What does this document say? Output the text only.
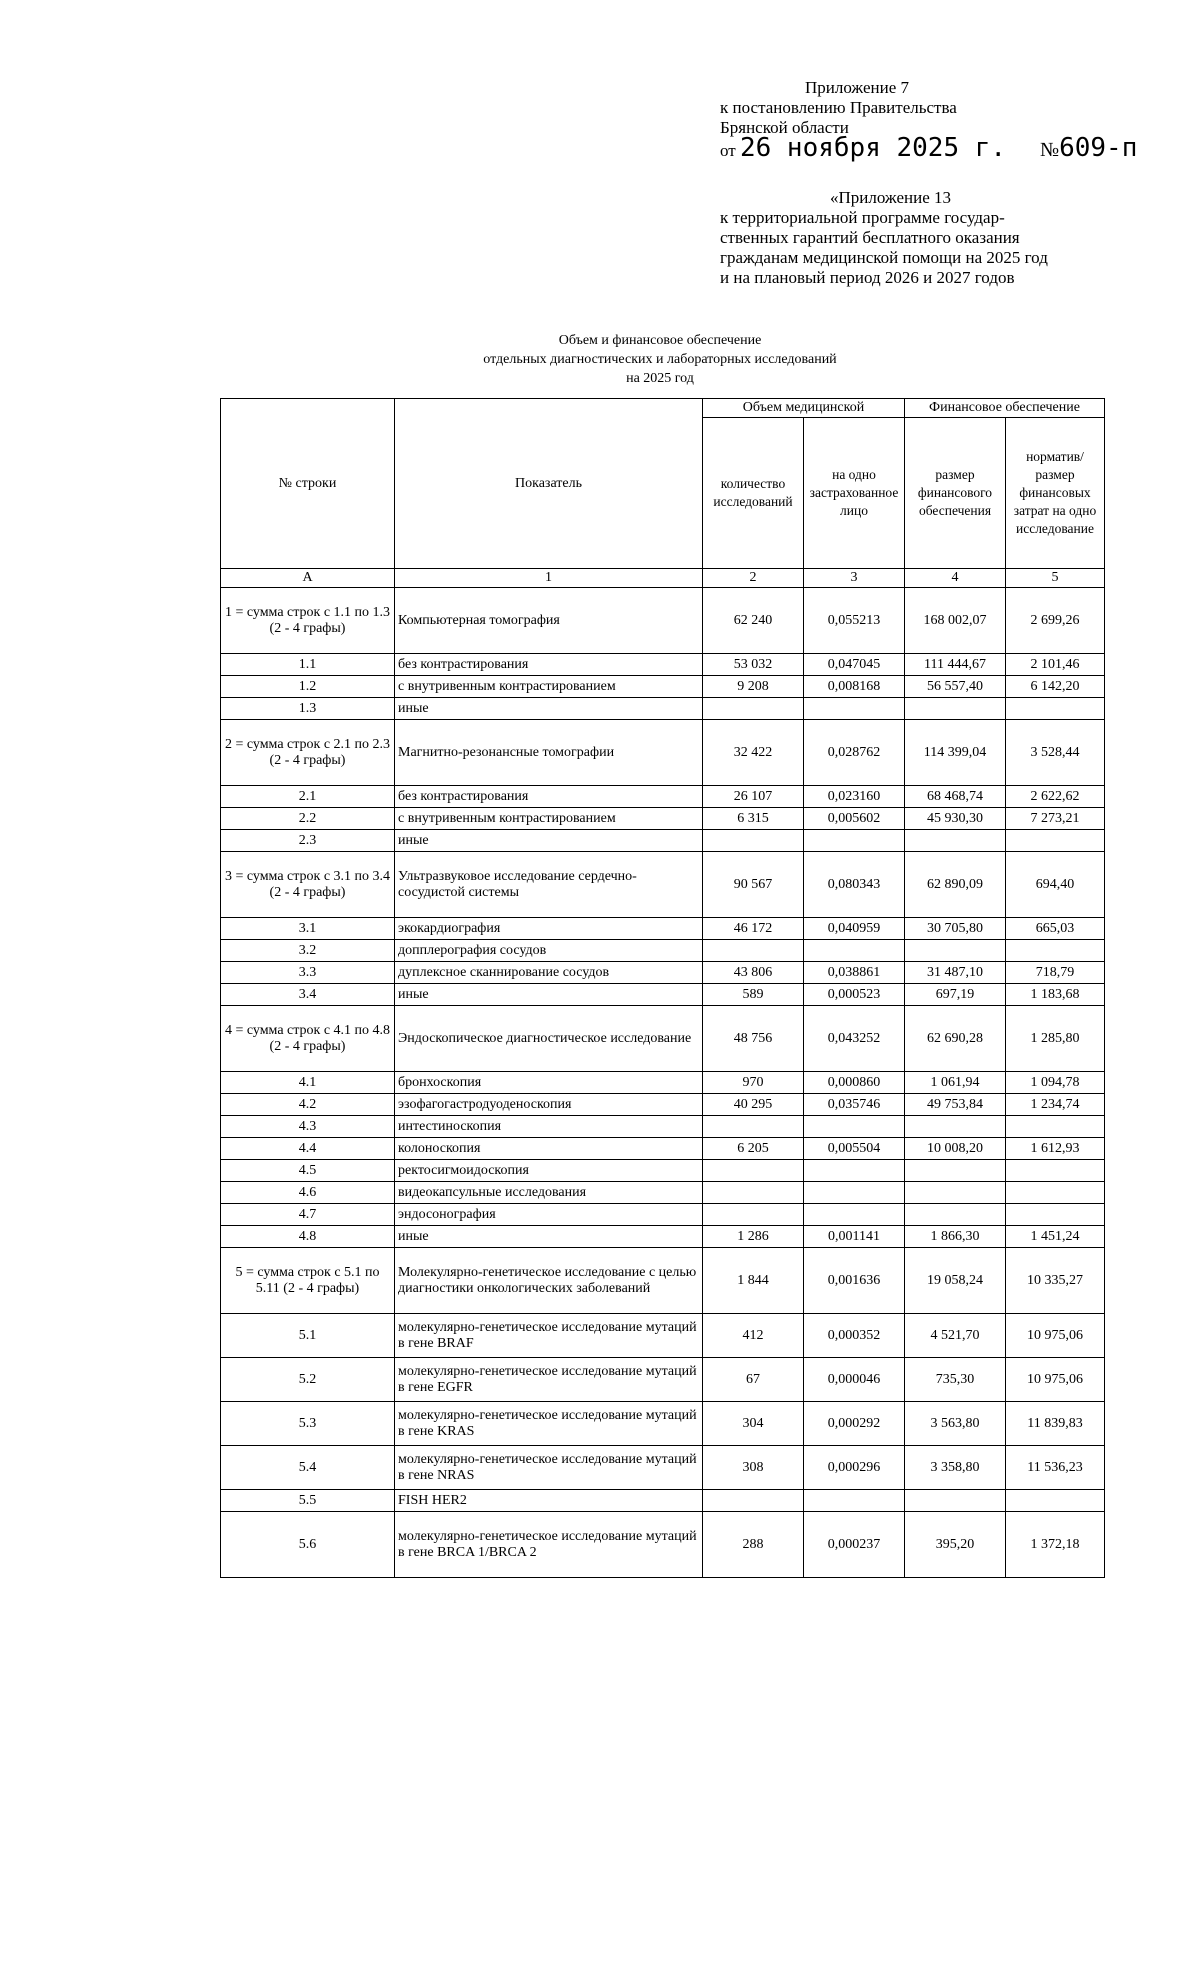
Приложение 7
к постановлению Правительства
Брянской области
от 26 ноября 2025 г. №609-п
«Приложение 13
к территориальной программе государ-
ственных гарантий бесплатного оказания
гражданам медицинской помощи на 2025 год
и на плановый период 2026 и 2027 годов
Объем и финансовое обеспечение
отдельных диагностических и лабораторных исследований
на 2025 год
№ строки	Показатель	Объем медицинской		Финансовое обеспечение	
		количество исследований	на одно застрахованное лицо	размер финансового обеспечения	норматив/размер финансовых затрат на одно исследование
А	1	2	3	4	5
1 = сумма строк с 1.1 по 1.3 (2 - 4 графы)	Компьютерная томография	62 240	0,055213	168 002,07	2 699,26
1.1	без контрастирования	53 032	0,047045	111 444,67	2 101,46
1.2	с внутривенным контрастированием	9 208	0,008168	56 557,40	6 142,20
1.3	иные				
2 = сумма строк с 2.1 по 2.3 (2 - 4 графы)	Магнитно-резонансные томографии	32 422	0,028762	114 399,04	3 528,44
2.1	без контрастирования	26 107	0,023160	68 468,74	2 622,62
2.2	с внутривенным контрастированием	6 315	0,005602	45 930,30	7 273,21
2.3	иные				
3 = сумма строк с 3.1 по 3.4 (2 - 4 графы)	Ультразвуковое исследование сердечно-сосудистой системы	90 567	0,080343	62 890,09	694,40
3.1	экокардиография	46 172	0,040959	30 705,80	665,03
3.2	допплерография сосудов				
3.3	дуплексное сканнирование сосудов	43 806	0,038861	31 487,10	718,79
3.4	иные	589	0,000523	697,19	1 183,68
4 = сумма строк с 4.1 по 4.8 (2 - 4 графы)	Эндоскопическое диагностическое исследование	48 756	0,043252	62 690,28	1 285,80
4.1	бронхоскопия	970	0,000860	1 061,94	1 094,78
4.2	эзофагогастродуоденоскопия	40 295	0,035746	49 753,84	1 234,74
4.3	интестиноскопия				
4.4	колоноскопия	6 205	0,005504	10 008,20	1 612,93
4.5	ректосигмоидоскопия				
4.6	видеокапсульные исследования				
4.7	эндосонография				
4.8	иные	1 286	0,001141	1 866,30	1 451,24
5 = сумма строк с 5.1 по 5.11 (2 - 4 графы)	Молекулярно-генетическое исследование с целью диагностики онкологических заболеваний	1 844	0,001636	19 058,24	10 335,27
5.1	молекулярно-генетическое исследование мутаций в гене BRAF	412	0,000352	4 521,70	10 975,06
5.2	молекулярно-генетическое исследование мутаций в гене EGFR	67	0,000046	735,30	10 975,06
5.3	молекулярно-генетическое исследование мутаций в гене KRAS	304	0,000292	3 563,80	11 839,83
5.4	молекулярно-генетическое исследование мутаций в гене NRAS	308	0,000296	3 358,80	11 536,23
5.5	FISH HER2				
5.6	молекулярно-генетическое исследование мутаций в гене BRCA 1/BRCA 2	288	0,000237	395,20	1 372,18
